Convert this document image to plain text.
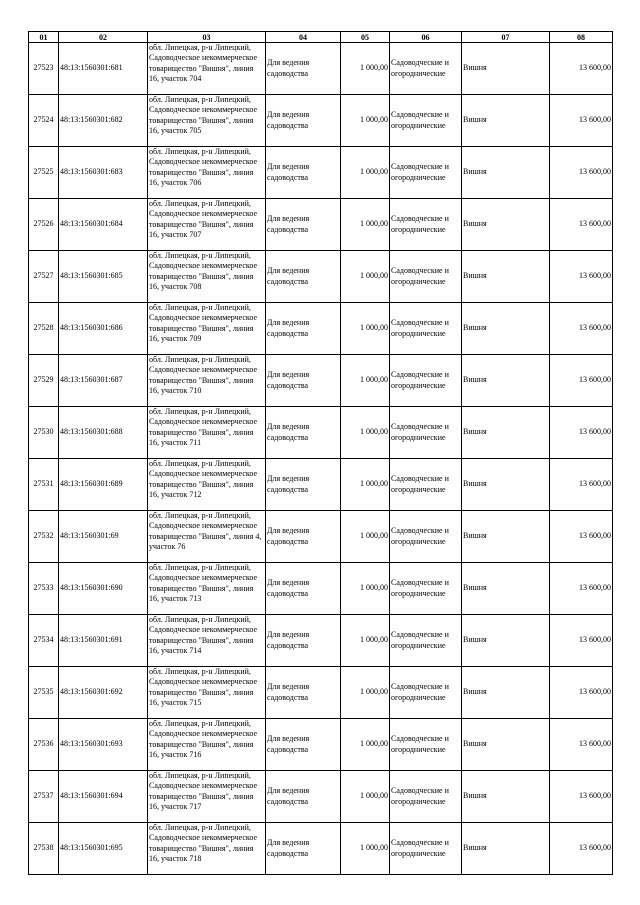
01	02	03	04	05	06	07	08
27523	48:13:1560301:681	обл. Липецкая, р-н Липецкий, Садоводческое некоммерческое товарищество "Вишня", линия 16, участок 704	Для ведения садоводства	1 000,00	Садоводческие и огороднические	Вишня	13 600,00
27524	48:13:1560301:682	обл. Липецкая, р-н Липецкий, Садоводческое некоммерческое товарищество "Вишня", линия 16, участок 705	Для ведения садоводства	1 000,00	Садоводческие и огороднические	Вишня	13 600,00
27525	48:13:1560301:683	обл. Липецкая, р-н Липецкий, Садоводческое некоммерческое товарищество "Вишня", линия 16, участок 706	Для ведения садоводства	1 000,00	Садоводческие и огороднические	Вишня	13 600,00
27526	48:13:1560301:684	обл. Липецкая, р-н Липецкий, Садоводческое некоммерческое товарищество "Вишня", линия 16, участок 707	Для ведения садоводства	1 000,00	Садоводческие и огороднические	Вишня	13 600,00
27527	48:13:1560301:685	обл. Липецкая, р-н Липецкий, Садоводческое некоммерческое товарищество "Вишня", линия 16, участок 708	Для ведения садоводства	1 000,00	Садоводческие и огороднические	Вишня	13 600,00
27528	48:13:1560301:686	обл. Липецкая, р-н Липецкий, Садоводческое некоммерческое товарищество "Вишня", линия 16, участок 709	Для ведения садоводства	1 000,00	Садоводческие и огороднические	Вишня	13 600,00
27529	48:13:1560301:687	обл. Липецкая, р-н Липецкий, Садоводческое некоммерческое товарищество "Вишня", линия 16, участок 710	Для ведения садоводства	1 000,00	Садоводческие и огороднические	Вишня	13 600,00
27530	48:13:1560301:688	обл. Липецкая, р-н Липецкий, Садоводческое некоммерческое товарищество "Вишня", линия 16, участок 711	Для ведения садоводства	1 000,00	Садоводческие и огороднические	Вишня	13 600,00
27531	48:13:1560301:689	обл. Липецкая, р-н Липецкий, Садоводческое некоммерческое товарищество "Вишня", линия 16, участок 712	Для ведения садоводства	1 000,00	Садоводческие и огороднические	Вишня	13 600,00
27532	48:13:1560301:69	обл. Липецкая, р-н Липецкий, Садоводческое некоммерческое товарищество "Вишня", линия 4, участок 76	Для ведения садоводства	1 000,00	Садоводческие и огороднические	Вишня	13 600,00
27533	48:13:1560301:690	обл. Липецкая, р-н Липецкий, Садоводческое некоммерческое товарищество "Вишня", линия 16, участок 713	Для ведения садоводства	1 000,00	Садоводческие и огороднические	Вишня	13 600,00
27534	48:13:1560301:691	обл. Липецкая, р-н Липецкий, Садоводческое некоммерческое товарищество "Вишня", линия 16, участок 714	Для ведения садоводства	1 000,00	Садоводческие и огороднические	Вишня	13 600,00
27535	48:13:1560301:692	обл. Липецкая, р-н Липецкий, Садоводческое некоммерческое товарищество "Вишня", линия 16, участок 715	Для ведения садоводства	1 000,00	Садоводческие и огороднические	Вишня	13 600,00
27536	48:13:1560301:693	обл. Липецкая, р-н Липецкий, Садоводческое некоммерческое товарищество "Вишня", линия 16, участок 716	Для ведения садоводства	1 000,00	Садоводческие и огороднические	Вишня	13 600,00
27537	48:13:1560301:694	обл. Липецкая, р-н Липецкий, Садоводческое некоммерческое товарищество "Вишня", линия 16, участок 717	Для ведения садоводства	1 000,00	Садоводческие и огороднические	Вишня	13 600,00
27538	48:13:1560301:695	обл. Липецкая, р-н Липецкий, Садоводческое некоммерческое товарищество "Вишня", линия 16, участок 718	Для ведения садоводства	1 000,00	Садоводческие и огороднические	Вишня	13 600,00
